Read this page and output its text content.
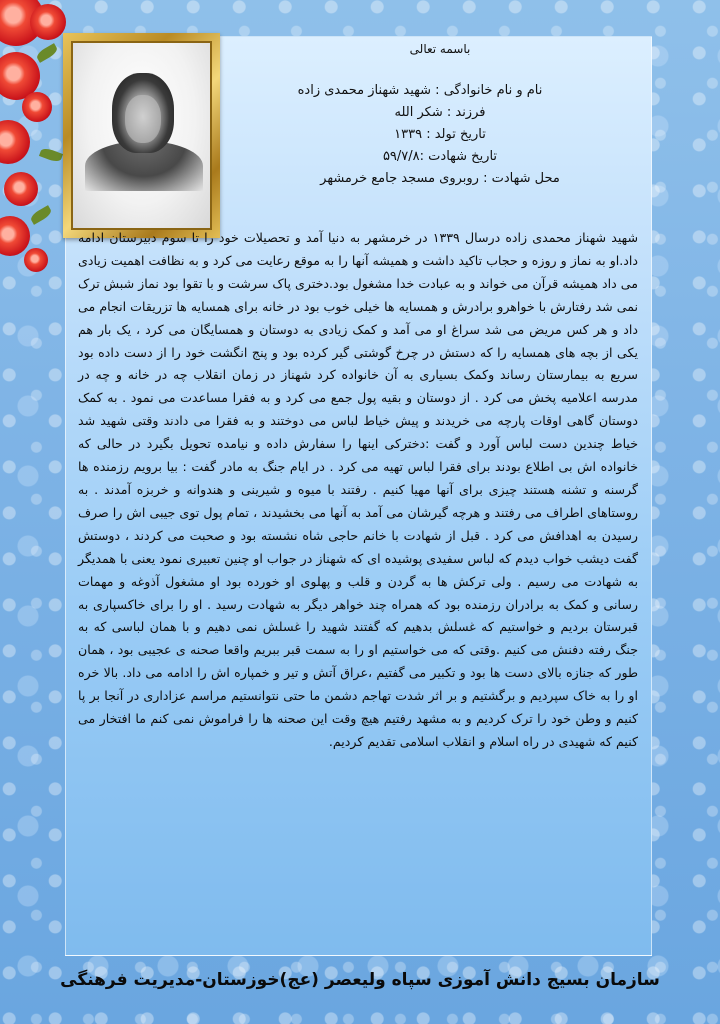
باسمه تعالی
نام و نام خانوادگی : شهید شهناز محمدی زاده
فرزند : شکر الله
تاریخ تولد : ۱۳۳۹
تاریخ شهادت :۵۹/۷/۸
محل شهادت : روبروی مسجد جامع خرمشهر
شهید شهناز محمدی زاده درسال ۱۳۳۹ در خرمشهر به دنیا آمد و تحصیلات خود را تا سوم دبیرستان ادامه داد.او به نماز و روزه و حجاب تاکید داشت و همیشه آنها را به موقع رعایت می کرد و به نظافت اهمیت زیادی می داد همیشه قرآن می خواند و به عبادت خدا مشغول بود.دختری پاک سرشت و با تقوا بود نماز شبش ترک نمی شد رفتارش با خواهرو برادرش و همسایه ها خیلی خوب بود در خانه برای همسایه ها تزریقات انجام می داد و هر کس مریض می شد سراغ او می آمد و کمک زیادی به دوستان و همسایگان می کرد ، یک بار هم یکی از بچه های همسایه را که دستش در چرخ گوشتی گیر کرده بود و پنج انگشت خود را از دست داده بود سریع به بیمارستان رساند وکمک بسیاری به آن خانواده کرد شهناز در زمان انقلاب چه در خانه و چه در مدرسه اعلامیه پخش می کرد . از دوستان و بقیه پول جمع می کرد و به فقرا مساعدت می نمود . به کمک دوستان گاهی اوقات پارچه می خریدند و پیش خیاط لباس می دوختند و به فقرا می دادند وقتی شهید شد خیاط چندین دست لباس آورد و گفت :دخترکی اینها را سفارش داده و نیامده تحویل بگیرد در حالی که خانواده اش بی اطلاع بودند برای فقرا لباس تهیه می کرد . در ایام جنگ به مادر گفت : بیا برویم رزمنده ها گرسنه و تشنه هستند چیزی برای آنها مهیا کنیم . رفتند با میوه و شیرینی و هندوانه و خربزه آمدند . به روستاهای اطراف می رفتند و هرچه گیرشان می آمد به آنها می بخشیدند ، تمام پول توی جیبی اش را صرف رسیدن به اهدافش می کرد . قبل از شهادت با خانم حاجی شاه نشسته بود و صحبت می کردند ، دوستش گفت دیشب خواب دیدم که لباس سفیدی پوشیده ای که شهناز در جواب او چنین تعبیری نمود یعنی با همدیگر به شهادت می رسیم . ولی ترکش ها به گردن و قلب و پهلوی او خورده بود او مشغول آذوغه و مهمات رسانی و کمک به برادران رزمنده بود که همراه چند خواهر دیگر به شهادت رسید . او را برای خاکسپاری به قبرستان بردیم و خواستیم که غسلش بدهیم که گفتند شهید را غسلش نمی دهیم و با همان لباسی که به جنگ رفته دفنش می کنیم .وقتی که می خواستیم او را به سمت قبر ببریم واقعا صحنه ی عجیبی بود ، همان طور که جنازه بالای دست ها بود و تکبیر می گفتیم ،عراق آتش و تیر و خمپاره اش را ادامه می داد. بالا خره او را به خاک سپردیم و برگشتیم و بر اثر شدت تهاجم دشمن ما حتی نتوانستیم مراسم عزاداری در آنجا بر پا کنیم و وطن خود را ترک کردیم و به مشهد رفتیم هیچ وقت این صحنه ها را فراموش نمی کنم ما افتخار می کنیم که شهیدی در راه اسلام و انقلاب اسلامی تقدیم کردیم.
سازمان بسیج دانش آموزی سپاه ولیعصر (عج)خوزستان-مدیریت فرهنگی
